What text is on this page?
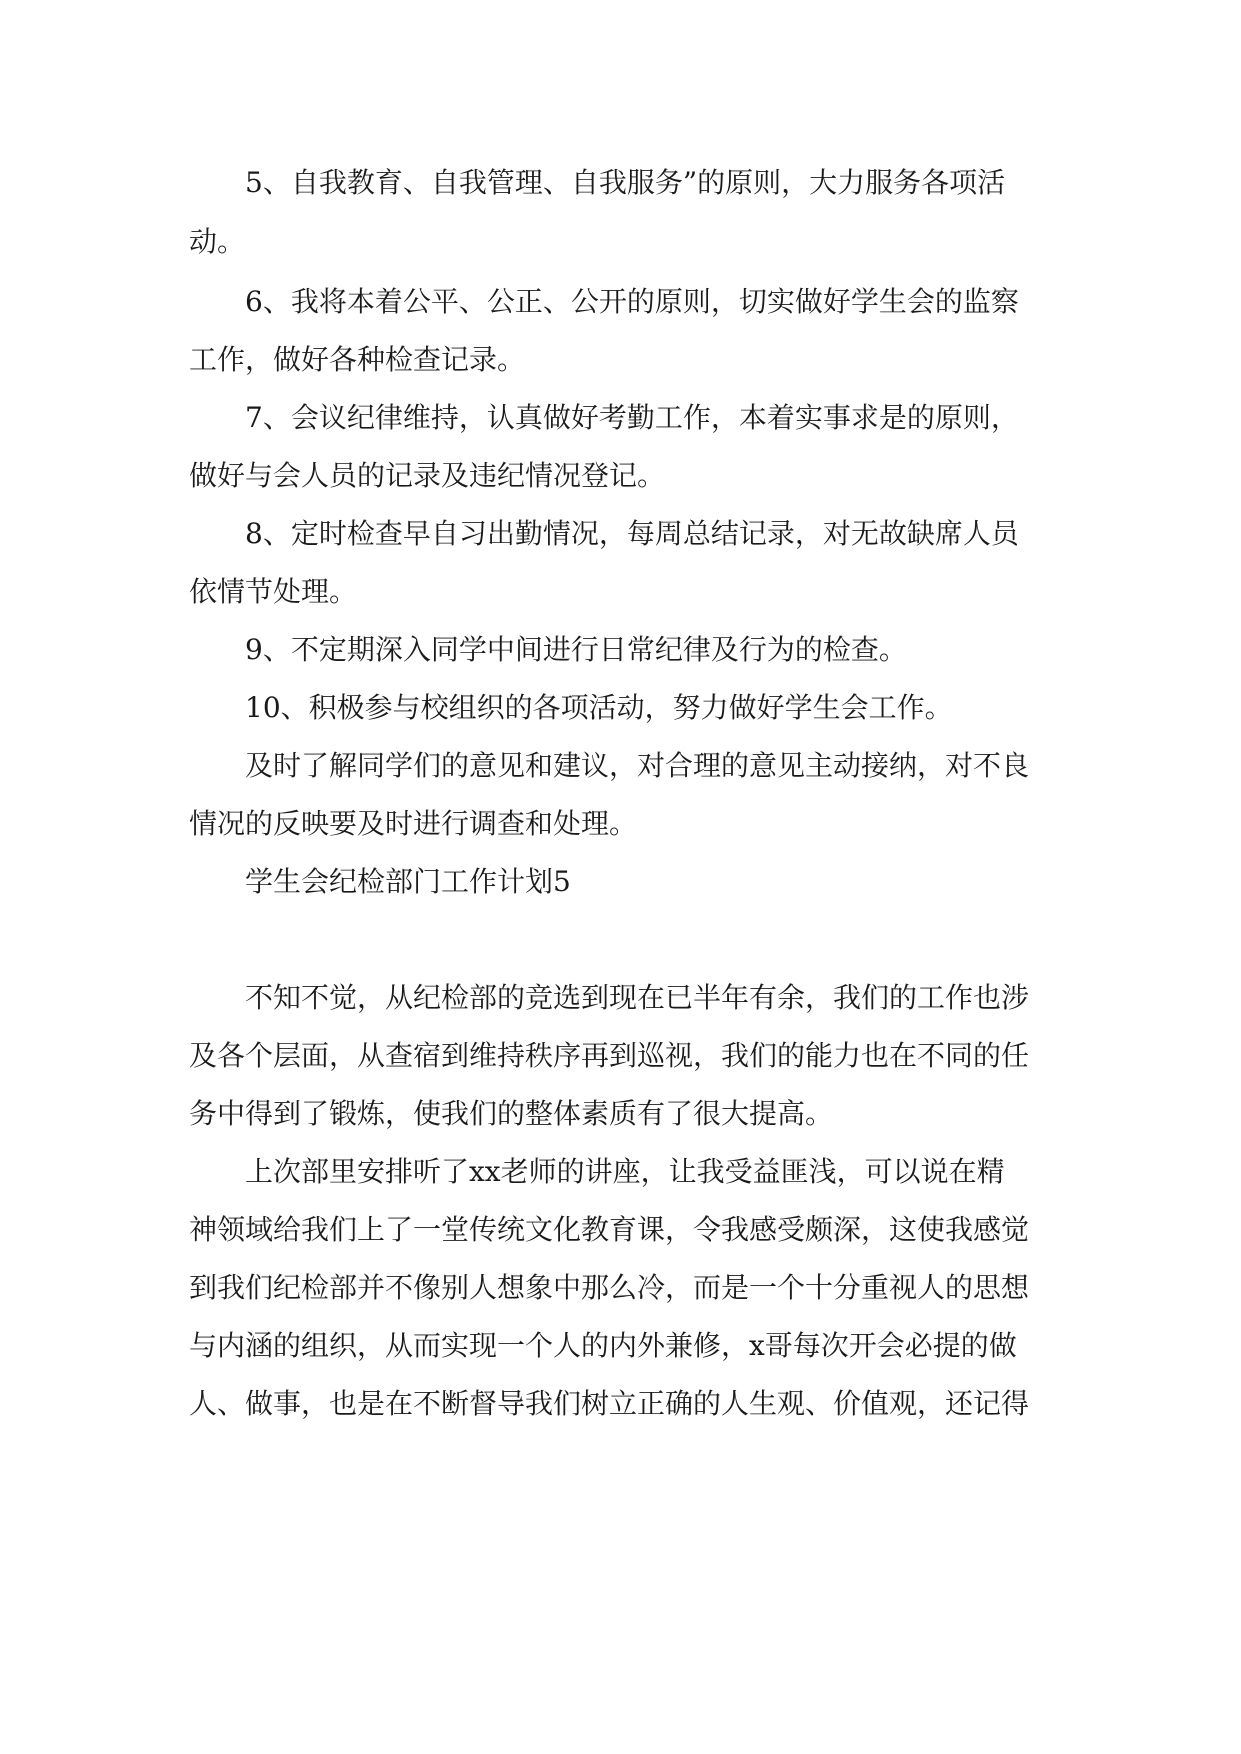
5、自我教育、自我管理、自我服务”的原则，大力服务各项活
动。
6、我将本着公平、公正、公开的原则，切实做好学生会的监察
工作，做好各种检查记录。
7、会议纪律维持，认真做好考勤工作，本着实事求是的原则，
做好与会人员的记录及违纪情况登记。
8、定时检查早自习出勤情况，每周总结记录，对无故缺席人员
依情节处理。
9、不定期深入同学中间进行日常纪律及行为的检查。
10、积极参与校组织的各项活动，努力做好学生会工作。
及时了解同学们的意见和建议，对合理的意见主动接纳，对不良
情况的反映要及时进行调查和处理。
学生会纪检部门工作计划5
不知不觉，从纪检部的竞选到现在已半年有余，我们的工作也涉
及各个层面，从查宿到维持秩序再到巡视，我们的能力也在不同的任
务中得到了锻炼，使我们的整体素质有了很大提高。
上次部里安排听了xx老师的讲座，让我受益匪浅，可以说在精
神领域给我们上了一堂传统文化教育课，令我感受颇深，这使我感觉
到我们纪检部并不像别人想象中那么冷，而是一个十分重视人的思想
与内涵的组织，从而实现一个人的内外兼修，x哥每次开会必提的做
人、做事，也是在不断督导我们树立正确的人生观、价值观，还记得
